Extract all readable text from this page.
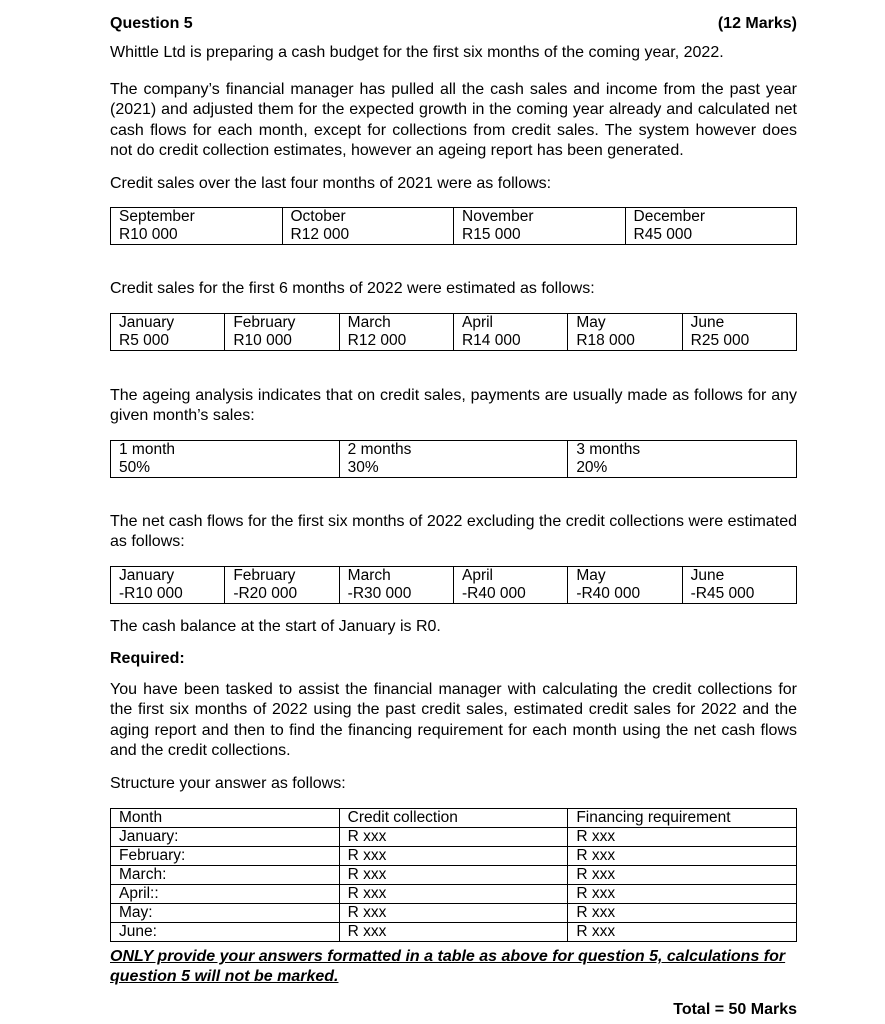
Question 5	(12 Marks)
Whittle Ltd is preparing a cash budget for the first six months of the coming year, 2022.
The company’s financial manager has pulled all the cash sales and income from the past year (2021) and adjusted them for the expected growth in the coming year already and calculated net cash flows for each month, except for collections from credit sales. The system however does not do credit collection estimates, however an ageing report has been generated.
Credit sales over the last four months of 2021 were as follows:
September	October	November	December
R10 000	R12 000	R15 000	R45 000
Credit sales for the first 6 months of 2022 were estimated as follows:
January	February	March	April	May	June
R5 000	R10 000	R12 000	R14 000	R18 000	R25 000
The ageing analysis indicates that on credit sales, payments are usually made as follows for any given month’s sales:
1 month	2 months	3 months
50%	30%	20%
The net cash flows for the first six months of 2022 excluding the credit collections were estimated as follows:
January	February	March	April	May	June
-R10 000	-R20 000	-R30 000	-R40 000	-R40 000	-R45 000
The cash balance at the start of January is R0.
Required:
You have been tasked to assist the financial manager with calculating the credit collections for the first six months of 2022 using the past credit sales, estimated credit sales for 2022 and the aging report and then to find the financing requirement for each month using the net cash flows and the credit collections.
Structure your answer as follows:
Month	Credit collection	Financing requirement
January:	R xxx	R xxx
February:	R xxx	R xxx
March:	R xxx	R xxx
April::	R xxx	R xxx
May:	R xxx	R xxx
June:	R xxx	R xxx
ONLY provide your answers formatted in a table as above for question 5, calculations for question 5 will not be marked.
Total = 50 Marks
